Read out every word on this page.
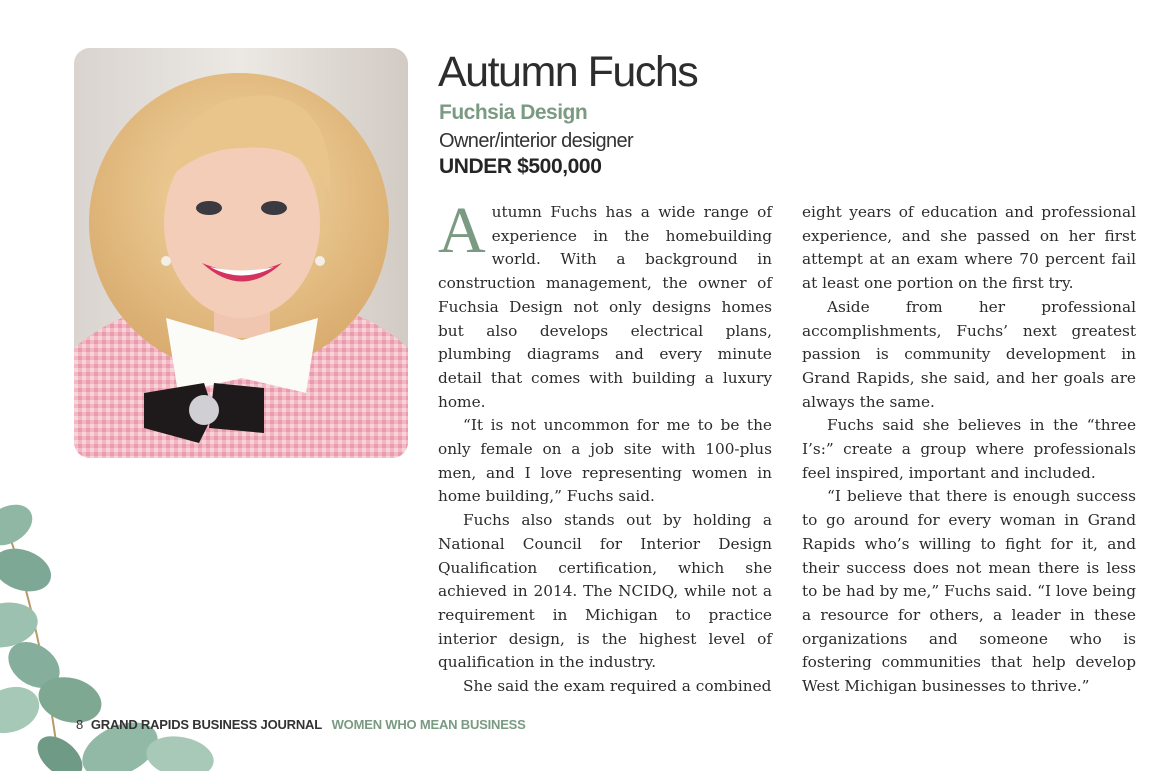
Autumn Fuchs
Fuchsia Design
Owner/interior designer
UNDER $500,000

Autumn Fuchs has a wide range of experience in the homebuilding world. With a background in construction management, the owner of Fuchsia Design not only designs homes but also develops electrical plans, plumbing diagrams and every minute detail that comes with building a luxury home.

“It is not uncommon for me to be the only female on a job site with 100-plus men, and I love representing women in home building,” Fuchs said.

Fuchs also stands out by holding a National Council for Interior Design Qualification certification, which she achieved in 2014. The NCIDQ, while not a requirement in Michigan to practice interior design, is the highest level of qualification in the industry.

She said the exam required a combined

eight years of education and professional experience, and she passed on her first attempt at an exam where 70 percent fail at least one portion on the first try.

Aside from her professional accomplishments, Fuchs’ next greatest passion is community development in Grand Rapids, she said, and her goals are always the same.

Fuchs said she believes in the “three I’s:” create a group where professionals feel inspired, important and included.

“I believe that there is enough success to go around for every woman in Grand Rapids who’s willing to fight for it, and their success does not mean there is less to be had by me,” Fuchs said. “I love being a resource for others, a leader in these organizations and someone who is fostering communities that help develop West Michigan businesses to thrive.”

8 GRAND RAPIDS BUSINESS JOURNAL WOMEN WHO MEAN BUSINESS
